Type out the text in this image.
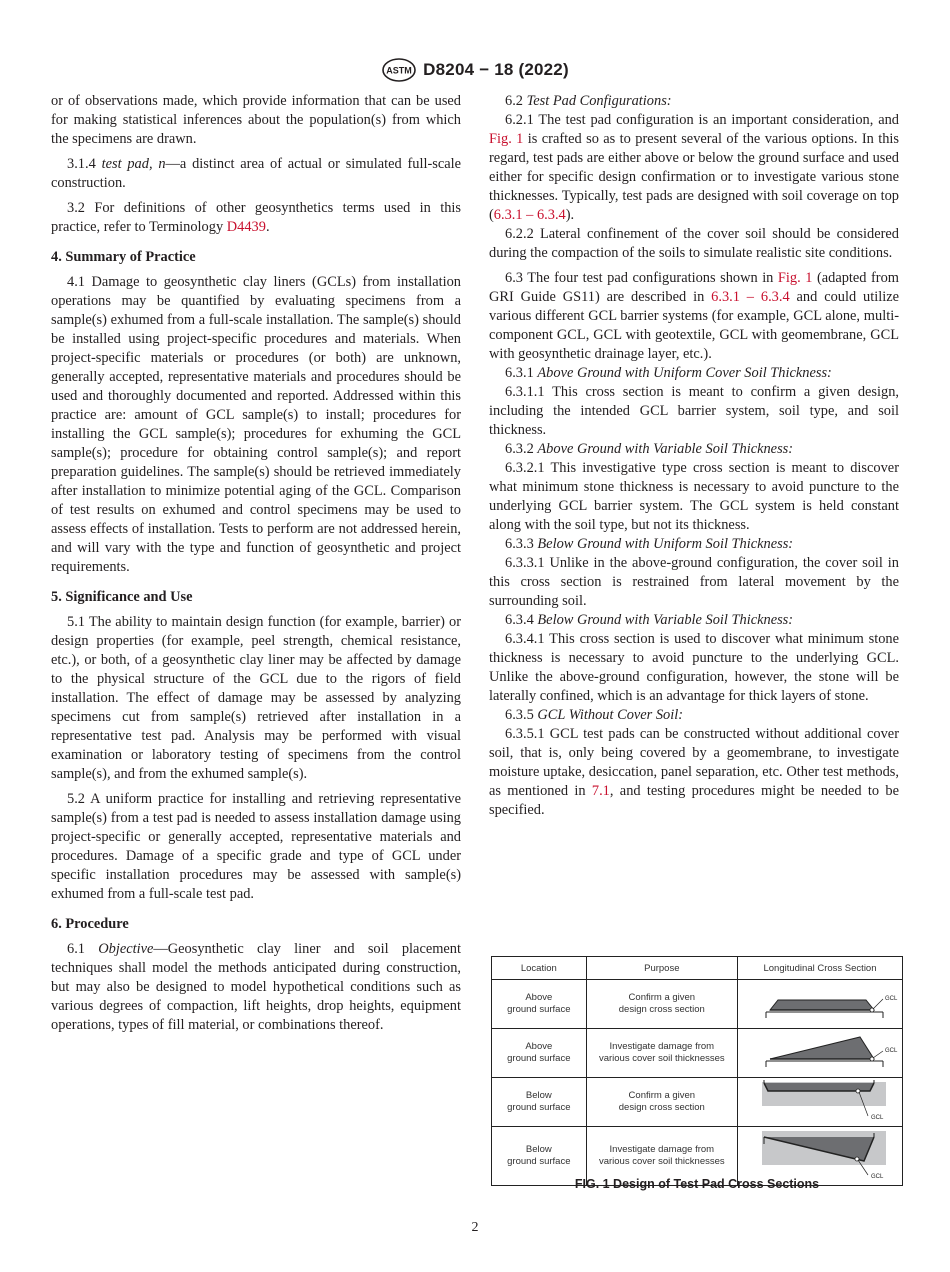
ASTM D8204 − 18 (2022)

or of observations made, which provide information that can be used for making statistical inferences about the population(s) from which the specimens are drawn.

3.1.4 test pad, n—a distinct area of actual or simulated full-scale construction.

3.2 For definitions of other geosynthetics terms used in this practice, refer to Terminology D4439.

4. Summary of Practice

4.1 Damage to geosynthetic clay liners (GCLs) from installation operations may be quantified by evaluating specimens from a sample(s) exhumed from a full-scale installation. The sample(s) should be installed using project-specific procedures and materials. When project-specific materials or procedures (or both) are unknown, generally accepted, representative materials and procedures should be used and thoroughly documented and reported. Addressed within this practice are: amount of GCL sample(s) to install; procedures for installing the GCL sample(s); procedures for exhuming the GCL sample(s); procedure for obtaining control sample(s); and report preparation guidelines. The sample(s) should be retrieved immediately after installation to minimize potential aging of the GCL. Comparison of test results on exhumed and control specimens may be used to assess effects of installation. Tests to perform are not addressed herein, and will vary with the type and function of geosynthetic and project requirements.

5. Significance and Use

5.1 The ability to maintain design function (for example, barrier) or design properties (for example, peel strength, chemical resistance, etc.), or both, of a geosynthetic clay liner may be affected by damage to the physical structure of the GCL due to the rigors of field installation. The effect of damage may be assessed by analyzing specimens cut from sample(s) retrieved after installation in a representative test pad. Analysis may be performed with visual examination or laboratory testing of specimens from the control sample(s), and from the exhumed sample(s).

5.2 A uniform practice for installing and retrieving representative sample(s) from a test pad is needed to assess installation damage using project-specific or generally accepted, representative materials and procedures. Damage of a specific grade and type of GCL under specific installation procedures may be assessed with sample(s) exhumed from a full-scale test pad.

6. Procedure

6.1 Objective—Geosynthetic clay liner and soil placement techniques shall model the methods anticipated during construction, but may also be designed to model hypothetical conditions such as various degrees of compaction, lift heights, drop heights, equipment operations, types of fill material, or combinations thereof.

6.2 Test Pad Configurations:

6.2.1 The test pad configuration is an important consideration, and Fig. 1 is crafted so as to present several of the various options. In this regard, test pads are either above or below the ground surface and used either for specific design confirmation or to investigate various stone thicknesses. Typically, test pads are designed with soil coverage on top (6.3.1 – 6.3.4).

6.2.2 Lateral confinement of the cover soil should be considered during the compaction of the soils to simulate realistic site conditions.

6.3 The four test pad configurations shown in Fig. 1 (adapted from GRI Guide GS11) are described in 6.3.1 – 6.3.4 and could utilize various different GCL barrier systems (for example, GCL alone, multi-component GCL, GCL with geotextile, GCL with geomembrane, GCL with geosynthetic drainage layer, etc.).

6.3.1 Above Ground with Uniform Cover Soil Thickness:

6.3.1.1 This cross section is meant to confirm a given design, including the intended GCL barrier system, soil type, and soil thickness.

6.3.2 Above Ground with Variable Soil Thickness:

6.3.2.1 This investigative type cross section is meant to discover what minimum stone thickness is necessary to avoid puncture to the underlying GCL barrier system. The GCL system is held constant along with the soil type, but not its thickness.

6.3.3 Below Ground with Uniform Soil Thickness:

6.3.3.1 Unlike in the above-ground configuration, the cover soil in this cross section is restrained from lateral movement by the surrounding soil.

6.3.4 Below Ground with Variable Soil Thickness:

6.3.4.1 This cross section is used to discover what minimum stone thickness is necessary to avoid puncture to the underlying GCL. Unlike the above-ground configuration, however, the stone will be laterally confined, which is an advantage for thick layers of stone.

6.3.5 GCL Without Cover Soil:

6.3.5.1 GCL test pads can be constructed without additional cover soil, that is, only being covered by a geomembrane, to investigate moisture uptake, desiccation, panel separation, etc. Other test methods, as mentioned in 7.1, and testing procedures might be needed to be specified.

Location	Purpose	Longitudinal Cross Section
Above
ground surface	Confirm a given
design cross section	GCL

Above
ground surface	Investigate damage from
various cover soil thicknesses	GCL

Below
ground surface	Confirm a given
design cross section	GCL

Below
ground surface	Investigate damage from
various cover soil thicknesses	GCL
FIG. 1 Design of Test Pad Cross Sections
2
